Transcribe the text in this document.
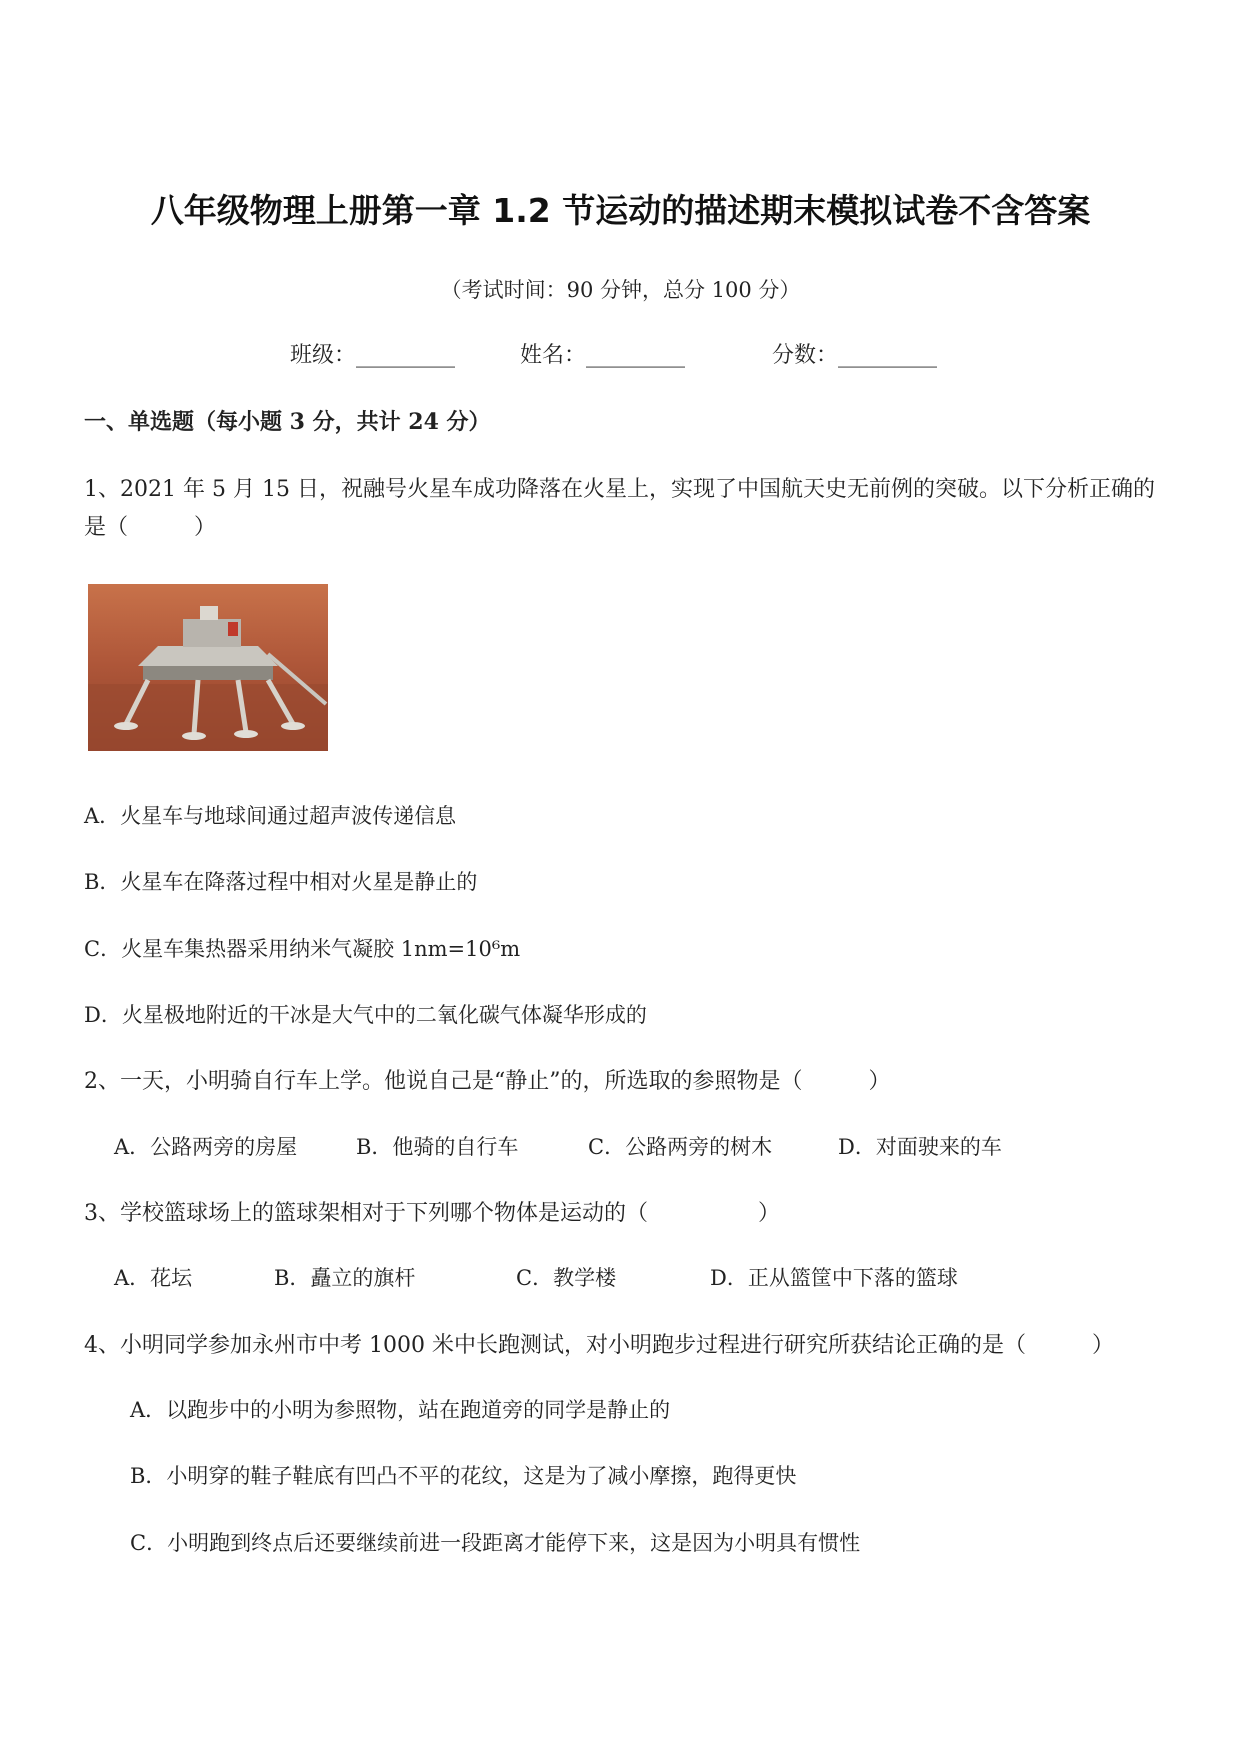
八年级物理上册第一章 1.2 节运动的描述期末模拟试卷不含答案
（考试时间：90 分钟，总分 100 分）
班级：_________	姓名：_________	分数：_________
一、单选题（每小题 3 分，共计 24 分）
1、2021 年 5 月 15 日，祝融号火星车成功降落在火星上，实现了中国航天史无前例的突破。以下分析正确的
是（　　　）
A．火星车与地球间通过超声波传递信息
B．火星车在降落过程中相对火星是静止的
C．火星车集热器采用纳米气凝胶 1nm=10⁶m
D．火星极地附近的干冰是大气中的二氧化碳气体凝华形成的
2、一天，小明骑自行车上学。他说自己是“静止”的，所选取的参照物是（　　　）
A．公路两旁的房屋	B．他骑的自行车	C．公路两旁的树木	D．对面驶来的车
3、学校篮球场上的篮球架相对于下列哪个物体是运动的（　　　　　）
A．花坛	B．矗立的旗杆	C．教学楼	D．正从篮筐中下落的篮球
4、小明同学参加永州市中考 1000 米中长跑测试，对小明跑步过程进行研究所获结论正确的是（　　　）
A．以跑步中的小明为参照物，站在跑道旁的同学是静止的
B．小明穿的鞋子鞋底有凹凸不平的花纹，这是为了减小摩擦，跑得更快
C．小明跑到终点后还要继续前进一段距离才能停下来，这是因为小明具有惯性
